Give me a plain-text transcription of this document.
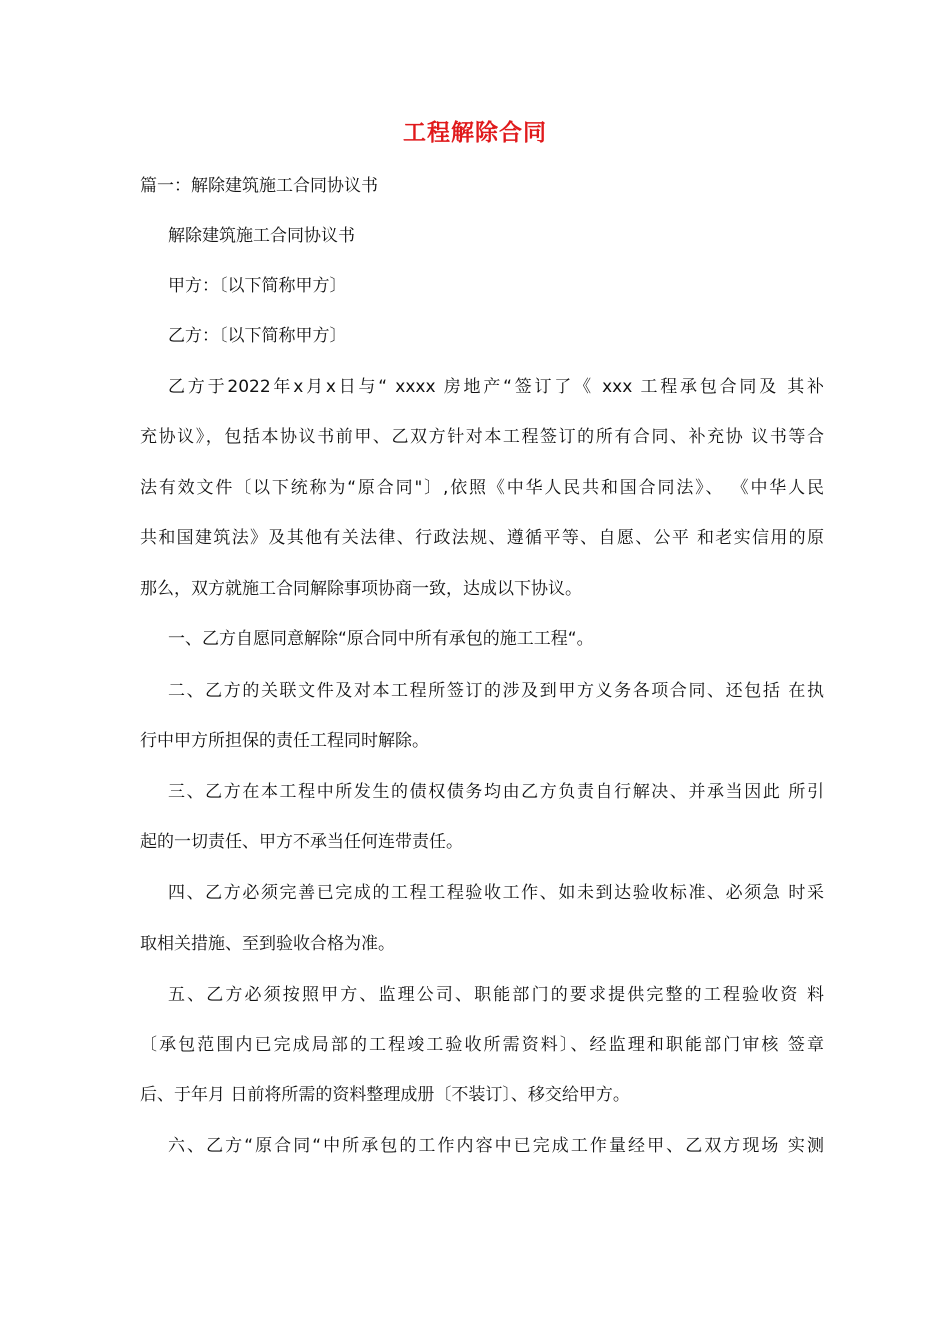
工程解除合同

篇一：解除建筑施工合同协议书

解除建筑施工合同协议书

甲方：〔以下简称甲方〕

乙方：〔以下简称甲方〕

乙方于2022年x月x日与“ xxxx 房地产“签订了《 xxx 工程承包合同及 其补

充协议》，包括本协议书前甲、乙双方针对本工程签订的所有合同、补充协 议书等合

法有效文件〔以下统称为“原合同"〕,依照《中华人民共和国合同法》、 《中华人民

共和国建筑法》及其他有关法律、行政法规、遵循平等、自愿、公平 和老实信用的原

那么，双方就施工合同解除事项协商一致，达成以下协议。

一、乙方自愿同意解除“原合同中所有承包的施工工程“。

二、乙方的关联文件及对本工程所签订的涉及到甲方义务各项合同、还包括 在执

行中甲方所担保的责任工程同时解除。

三、乙方在本工程中所发生的债权债务均由乙方负责自行解决、并承当因此 所引

起的一切责任、甲方不承当任何连带责任。

四、乙方必须完善已完成的工程工程验收工作、如未到达验收标准、必须急 时采

取相关措施、至到验收合格为准。

五、乙方必须按照甲方、监理公司、职能部门的要求提供完整的工程验收资 料

〔承包范围内已完成局部的工程竣工验收所需资料〕、经监理和职能部门审核 签章

后、于年月 日前将所需的资料整理成册〔不装订〕、移交给甲方。

六、乙方“原合同“中所承包的工作内容中已完成工作量经甲、乙双方现场 实测
